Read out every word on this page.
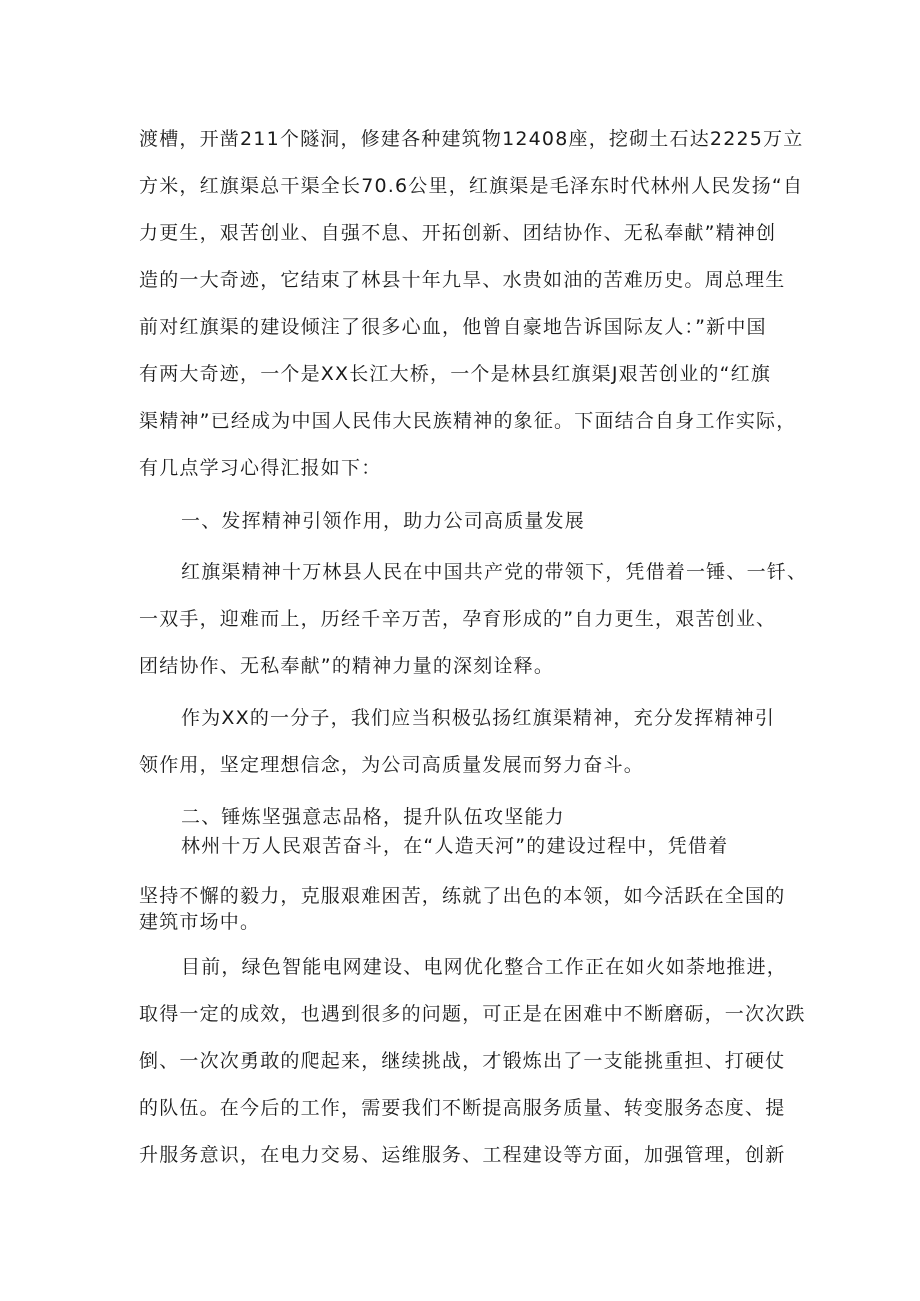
渡槽，开凿211个隧洞，修建各种建筑物12408座，挖砌土石达2225万立
方米，红旗渠总干渠全长70.6公里，红旗渠是毛泽东时代林州人民发扬“自
力更生，艰苦创业、自强不息、开拓创新、团结协作、无私奉献”精神创
造的一大奇迹，它结束了林县十年九旱、水贵如油的苦难历史。周总理生
前对红旗渠的建设倾注了很多心血，他曾自豪地告诉国际友人：”新中国
有两大奇迹，一个是XX长江大桥，一个是林县红旗渠J艰苦创业的“红旗
渠精神”已经成为中国人民伟大民族精神的象征。下面结合自身工作实际，
有几点学习心得汇报如下：
一、发挥精神引领作用，助力公司高质量发展
红旗渠精神十万林县人民在中国共产党的带领下，凭借着一锤、一钎、
一双手，迎难而上，历经千辛万苦，孕育形成的”自力更生，艰苦创业、
团结协作、无私奉献”的精神力量的深刻诠释。
作为XX的一分子，我们应当积极弘扬红旗渠精神，充分发挥精神引
领作用，坚定理想信念，为公司高质量发展而努力奋斗。
二、锤炼坚强意志品格，提升队伍攻坚能力
林州十万人民艰苦奋斗，在“人造天河”的建设过程中，凭借着
坚持不懈的毅力，克服艰难困苦，练就了出色的本领，如今活跃在全国的
建筑市场中。
目前，绿色智能电网建设、电网优化整合工作正在如火如荼地推进，
取得一定的成效，也遇到很多的问题，可正是在困难中不断磨砺，一次次跌
倒、一次次勇敢的爬起来，继续挑战，才锻炼出了一支能挑重担、打硬仗
的队伍。在今后的工作，需要我们不断提高服务质量、转变服务态度、提
升服务意识，在电力交易、运维服务、工程建设等方面，加强管理，创新
